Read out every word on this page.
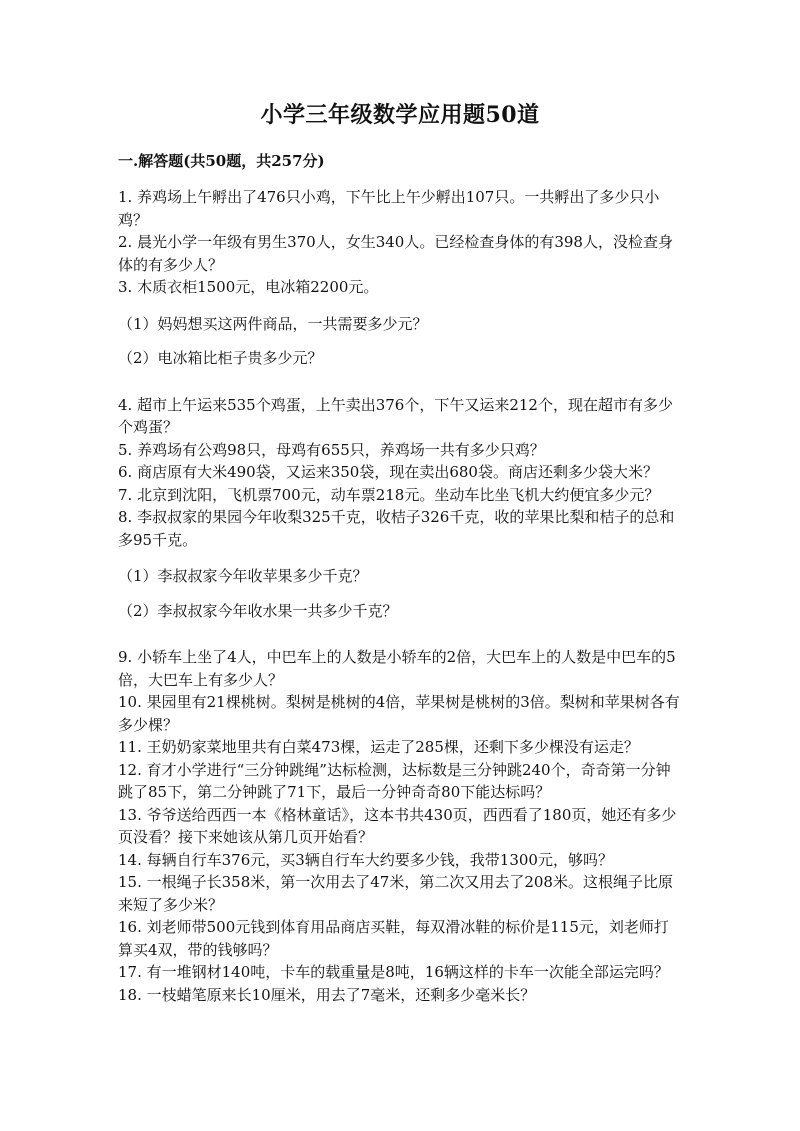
小学三年级数学应用题50道
一.解答题(共50题，共257分)

1. 养鸡场上午孵出了476只小鸡，下午比上午少孵出107只。一共孵出了多少只小鸡？

2. 晨光小学一年级有男生370人，女生340人。已经检查身体的有398人，没检查身体的有多少人？

3. 木质衣柜1500元，电冰箱2200元。

（1）妈妈想买这两件商品，一共需要多少元？

（2）电冰箱比柜子贵多少元？

4. 超市上午运来535个鸡蛋，上午卖出376个，下午又运来212个，现在超市有多少个鸡蛋？

5. 养鸡场有公鸡98只，母鸡有655只，养鸡场一共有多少只鸡？

6. 商店原有大米490袋，又运来350袋，现在卖出680袋。商店还剩多少袋大米？

7. 北京到沈阳，飞机票700元，动车票218元。坐动车比坐飞机大约便宜多少元？

8. 李叔叔家的果园今年收梨325千克，收桔子326千克，收的苹果比梨和桔子的总和多95千克。

（1）李叔叔家今年收苹果多少千克？

（2）李叔叔家今年收水果一共多少千克？

9. 小轿车上坐了4人，中巴车上的人数是小轿车的2倍，大巴车上的人数是中巴车的5倍，大巴车上有多少人？

10. 果园里有21棵桃树。梨树是桃树的4倍，苹果树是桃树的3倍。梨树和苹果树各有多少棵？

11. 王奶奶家菜地里共有白菜473棵，运走了285棵，还剩下多少棵没有运走？

12. 育才小学进行“三分钟跳绳”达标检测，达标数是三分钟跳240个，奇奇第一分钟跳了85下，第二分钟跳了71下，最后一分钟奇奇80下能达标吗？

13. 爷爷送给西西一本《格林童话》，这本书共430页，西西看了180页，她还有多少页没看？接下来她该从第几页开始看？

14. 每辆自行车376元，买3辆自行车大约要多少钱，我带1300元，够吗？

15. 一根绳子长358米，第一次用去了47米，第二次又用去了208米。这根绳子比原来短了多少米？

16. 刘老师带500元钱到体育用品商店买鞋，每双滑冰鞋的标价是115元，刘老师打算买4双，带的钱够吗？

17. 有一堆钢材140吨，卡车的载重量是8吨，16辆这样的卡车一次能全部运完吗？

18. 一枝蜡笔原来长10厘米，用去了7毫米，还剩多少毫米长？
